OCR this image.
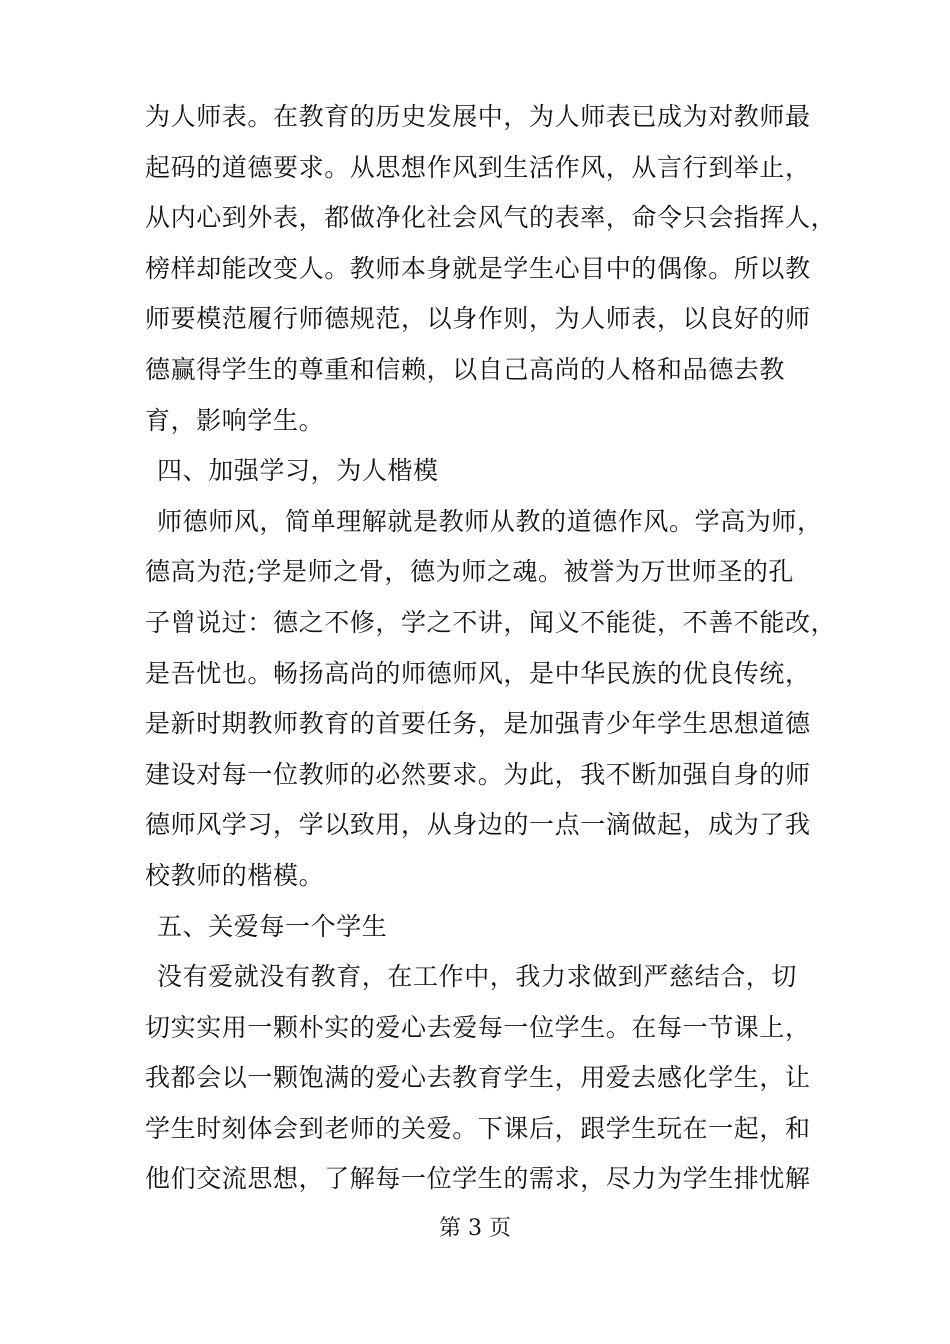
为人师表。在教育的历史发展中，为人师表已成为对教师最
起码的道德要求。从思想作风到生活作风，从言行到举止，
从内心到外表，都做净化社会风气的表率，命令只会指挥人，
榜样却能改变人。教师本身就是学生心目中的偶像。所以教
师要模范履行师德规范，以身作则，为人师表，以良好的师
德赢得学生的尊重和信赖，以自己高尚的人格和品德去教
育，影响学生。
四、加强学习，为人楷模
师德师风，简单理解就是教师从教的道德作风。学高为师，
德高为范;学是师之骨，德为师之魂。被誉为万世师圣的孔
子曾说过：德之不修，学之不讲，闻义不能徙，不善不能改，
是吾忧也。畅扬高尚的师德师风，是中华民族的优良传统，
是新时期教师教育的首要任务，是加强青少年学生思想道德
建设对每一位教师的必然要求。为此，我不断加强自身的师
德师风学习，学以致用，从身边的一点一滴做起，成为了我
校教师的楷模。
五、关爱每一个学生
没有爱就没有教育，在工作中，我力求做到严慈结合，切
切实实用一颗朴实的爱心去爱每一位学生。在每一节课上，
我都会以一颗饱满的爱心去教育学生，用爱去感化学生，让
学生时刻体会到老师的关爱。下课后，跟学生玩在一起，和
他们交流思想，了解每一位学生的需求，尽力为学生排忧解
第 3 页
